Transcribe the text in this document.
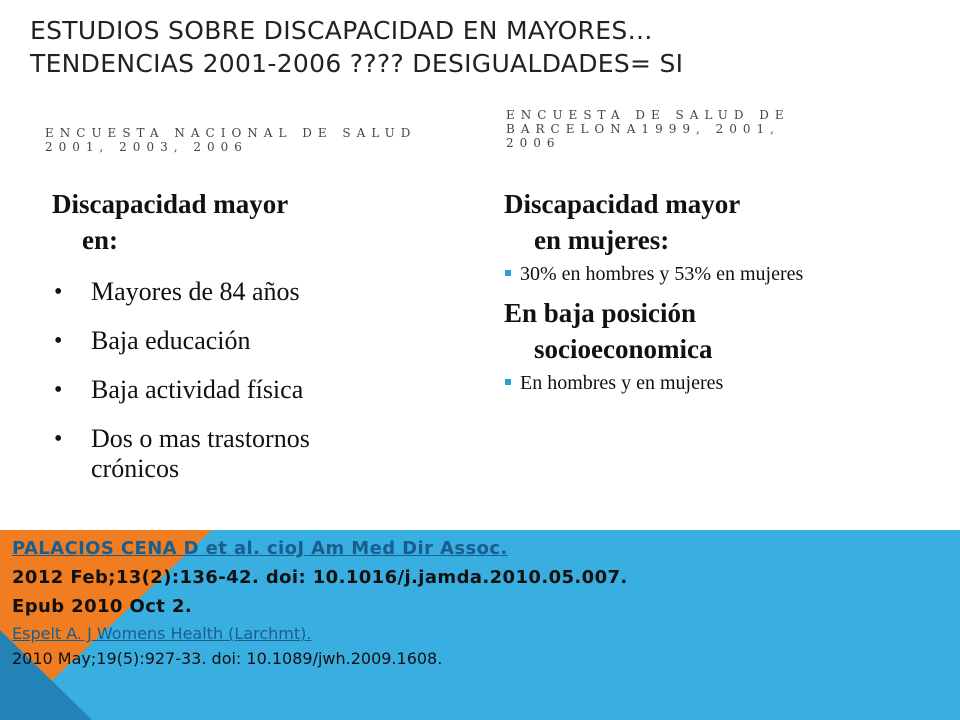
ESTUDIOS SOBRE DISCAPACIDAD EN MAYORES…
TENDENCIAS 2001-2006 ???? DESIGUALDADES= SI
ENCUESTA NACIONAL DE SALUD
2001, 2003, 2006
ENCUESTA DE SALUD DE
BARCELONA1999, 2001,
2006

Discapacidad mayor
en:

• Mayores de 84 años
• Baja educación
• Baja actividad física
• Dos o mas trastornos crónicos

Discapacidad mayor
en mujeres:

30% en hombres y 53% en mujeres

En baja posición
socioeconomica

En hombres y en mujeres
PALACIOS CENA D et al. cioJ Am Med Dir Assoc.
2012 Feb;13(2):136-42. doi: 10.1016/j.jamda.2010.05.007.
Epub 2010 Oct 2.
Espelt A. J Womens Health (Larchmt).
2010 May;19(5):927-33. doi: 10.1089/jwh.2009.1608.
